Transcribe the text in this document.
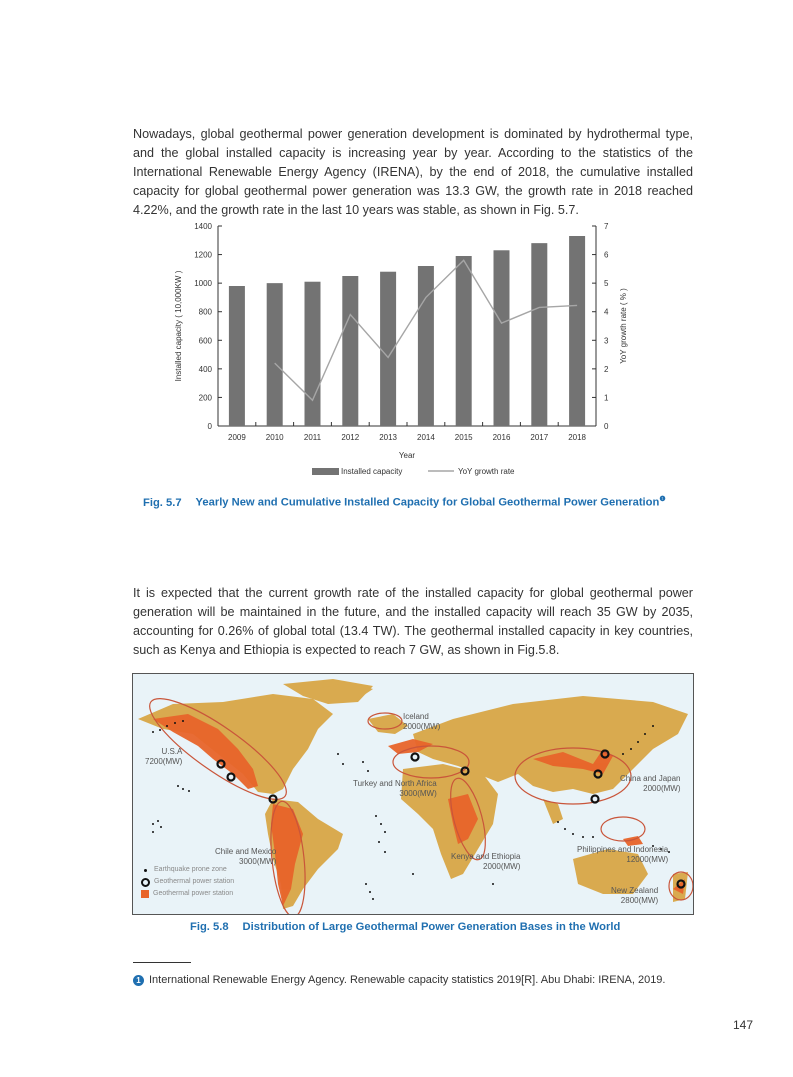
Nowadays, global geothermal power generation development is dominated by hydrothermal type, and the global installed capacity is increasing year by year. According to the statistics of the International Renewable Energy Agency (IRENA), by the end of 2018, the cumulative installed capacity for global geothermal power generation was 13.3 GW, the growth rate in 2018 reached 4.22%, and the growth rate in the last 10 years was stable, as shown in Fig. 5.7.

0
200
400
600
800
1000
1200
1400
0
1
2
3
4
5
6
7
2009	2010	2011	2012	2013	2014	2015	2016	2017	2018
Year
Installed capacity ( 10,000KW )	YoY growth rate ( % )
Installed capacity	YoY growth rate
Fig. 5.7 Yearly New and Cumulative Installed Capacity for Global Geothermal Power Generation$^❶$

It is expected that the current growth rate of the installed capacity for global geothermal power generation will be maintained in the future, and the installed capacity will reach 35 GW by 2035, accounting for 0.26% of global total (13.4 TW). The geothermal installed capacity in key countries, such as Kenya and Ethiopia is expected to reach 7 GW, as shown in Fig.5.8.

U.S.A
7200(MW)
Iceland
2000(MW)
Turkey and North Africa
3000(MW)
China and Japan
2000(MW)
Chile and Mexico
3000(MW)
Kenya and Ethiopia
2000(MW)
Philippines and Indonesia
12000(MW)
New Zealand
2800(MW)
Earthquake prone zone
Geothermal power station
Geothermal power station
Fig. 5.8 Distribution of Large Geothermal Power Generation Bases in the World
1 International Renewable Energy Agency. Renewable capacity statistics 2019[R]. Abu Dhabi: IRENA, 2019.
147
